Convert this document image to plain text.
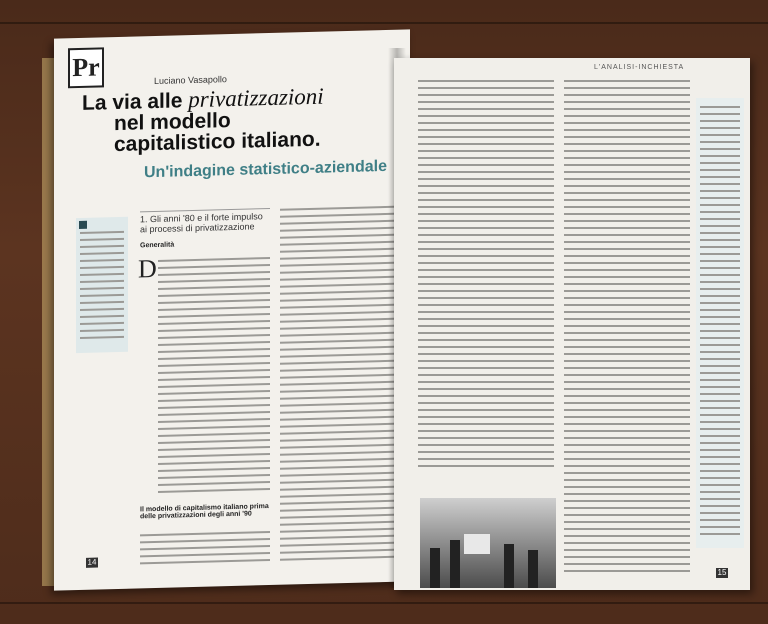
Pr	Luciano Vasapollo
La via alle privatizzazioni
nel modello
capitalistico italiano.
Un'indagine statistico-aziendale
1. Gli anni '80 e il forte impulso ai processi di privatizzazione
Generalità
D
Il modello di capitalismo italiano prima delle privatizzazioni degli anni '90
14
L'ANALISI-INCHIESTA
15
